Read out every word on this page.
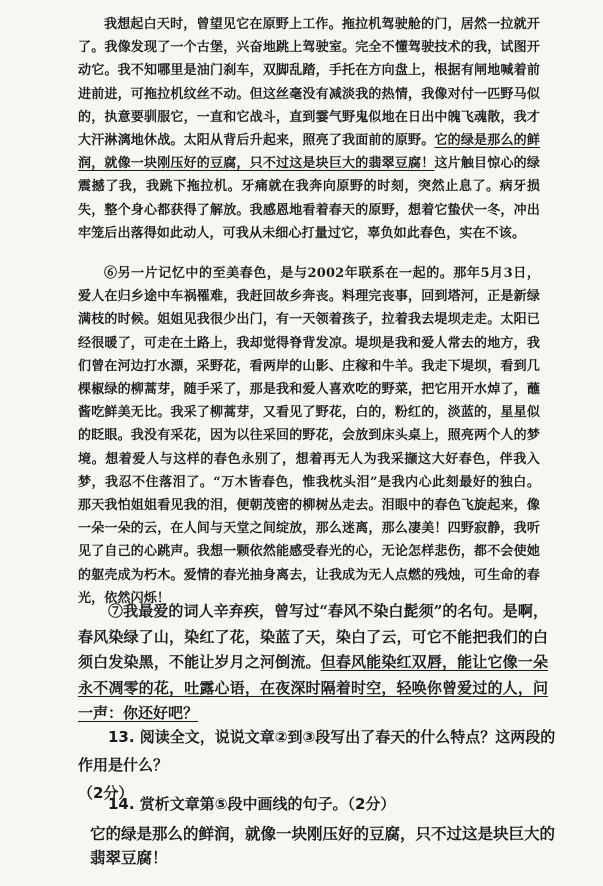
我想起白天时，曾望见它在原野上工作。拖拉机驾驶舱的门，居然一拉就开了。我像发现了一个古堡，兴奋地跳上驾驶室。完全不懂驾驶技术的我，试图开动它。我不知哪里是油门刹车，双脚乱踏，手托在方向盘上，根据有闸地喊着前进前进，可拖拉机纹丝不动。但这丝毫没有减淡我的热情，我像对付一匹野马似的，执意要驯服它，一直和它战斗，直到霎气野鬼似地在日出中魄飞魂散，我才大汗淋漓地休战。太阳从背后升起来，照亮了我面前的原野。它的绿是那么的鲜润，就像一块刚压好的豆腐，只不过这是块巨大的翡翠豆腐！这片触目惊心的绿震撼了我，我跳下拖拉机。牙痛就在我奔向原野的时刻，突然止息了。病牙损失，整个身心都获得了解放。我感恩地看着春天的原野，想着它蛰伏一冬，冲出牢笼后出落得如此动人，可我从未细心打量过它，辜负如此春色，实在不该。

⑥另一片记忆中的至美春色，是与2002年联系在一起的。那年5月3日，爱人在归乡途中车祸罹难，我赶回故乡奔丧。料理完丧事，回到塔河，正是新绿满枝的时候。姐姐见我很少出门，有一天领着孩子，拉着我去堤坝走走。太阳已经很暖了，可走在土路上，我却觉得脊背发凉。堤坝是我和爱人常去的地方，我们曾在河边打水漂，采野花，看两岸的山影、庄稼和牛羊。我走下堤坝，看到几棵椒绿的柳蒿芽，随手采了，那是我和爱人喜欢吃的野菜，把它用开水焯了，蘸酱吃鲜美无比。我采了柳蒿芽，又看见了野花，白的，粉红的，淡蓝的，星星似的眨眼。我没有采花，因为以往采回的野花，会放到床头桌上，照亮两个人的梦境。想着爱人与这样的春色永别了，想着再无人为我采撷这大好春色，伴我入梦，我忍不住落泪了。“万木皆春色，惟我枕头泪”是我内心此刻最好的独白。那天我怕姐姐看见我的泪，便朝茂密的柳树丛走去。泪眼中的春色飞旋起来，像一朵一朵的云，在人间与天堂之间绽放，那么迷离，那么凄美！四野寂静，我听见了自己的心跳声。我想一颗依然能感受春光的心，无论怎样悲伤，都不会使她的躯壳成为朽木。爱情的春光抽身离去，让我成为无人点燃的残烛，可生命的春光，依然闪烁！

⑦我最爱的词人辛弃疾，曾写过“春风不染白髭须”的名句。是啊，春风染绿了山，染红了花，染蓝了天，染白了云，可它不能把我们的白须白发染黑，不能让岁月之河倒流。但春风能染红双唇，能让它像一朵永不凋零的花，吐露心语，在夜深时隔着时空，轻唤你曾爱过的人，问一声：你还好吧？

13. 阅读全文，说说文章②到③段写出了春天的什么特点？这两段的作用是什么？

（2分）

14. 赏析文章第⑤段中画线的句子。（2分）

它的绿是那么的鲜润，就像一块刚压好的豆腐，只不过这是块巨大的翡翠豆腐！
